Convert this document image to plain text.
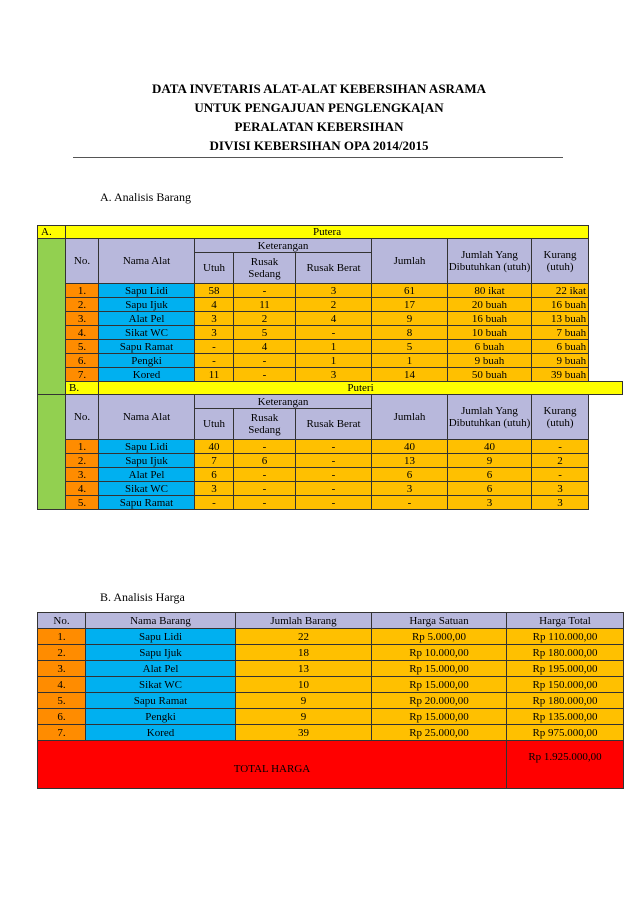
DATA INVETARIS ALAT-ALAT KEBERSIHAN ASRAMA
UNTUK PENGAJUAN PENGLENGKA[AN
PERALATAN KEBERSIHAN
DIVISI KEBERSIHAN OPA 2014/2015
A. Analisis Barang
A.	Putera							
	No.	Nama Alat	Keterangan			Jumlah	Jumlah Yang Dibutuhkan (utuh)	Kurang (utuh)
			Utuh	Rusak Sedang	Rusak Berat			
	1.	Sapu Lidi	58	-	3	61	80 ikat	22 ikat
	2.	Sapu Ijuk	4	11	2	17	20 buah	16 buah
	3.	Alat Pel	3	2	4	9	16 buah	13 buah
	4.	Sikat WC	3	5	-	8	10 buah	7 buah
	5.	Sapu Ramat	-	4	1	5	6 buah	6 buah
	6.	Pengki	-	-	1	1	9 buah	9 buah
	7.	Kored	11	-	3	14	50 buah	39 buah
	B.	Puteri						
	No.	Nama Alat	Keterangan			Jumlah	Jumlah Yang Dibutuhkan (utuh)	Kurang (utuh)
			Utuh	Rusak Sedang	Rusak Berat			
	1.	Sapu Lidi	40	-	-	40	40	-
	2.	Sapu Ijuk	7	6	-	13	9	2
	3.	Alat Pel	6	-	-	6	6	-
	4.	Sikat WC	3	-	-	3	6	3
	5.	Sapu Ramat	-	-	-	-	3	3
B. Analisis Harga
No.	Nama Barang	Jumlah Barang	Harga Satuan	Harga Total
1.	Sapu Lidi	22	Rp 5.000,00	Rp 110.000,00
2.	Sapu Ijuk	18	Rp 10.000,00	Rp 180.000,00
3.	Alat Pel	13	Rp 15.000,00	Rp 195.000,00
4.	Sikat WC	10	Rp 15.000,00	Rp 150.000,00
5.	Sapu Ramat	9	Rp 20.000,00	Rp 180.000,00
6.	Pengki	9	Rp 15.000,00	Rp 135.000,00
7.	Kored	39	Rp 25.000,00	Rp 975.000,00
TOTAL HARGA				Rp 1.925.000,00
